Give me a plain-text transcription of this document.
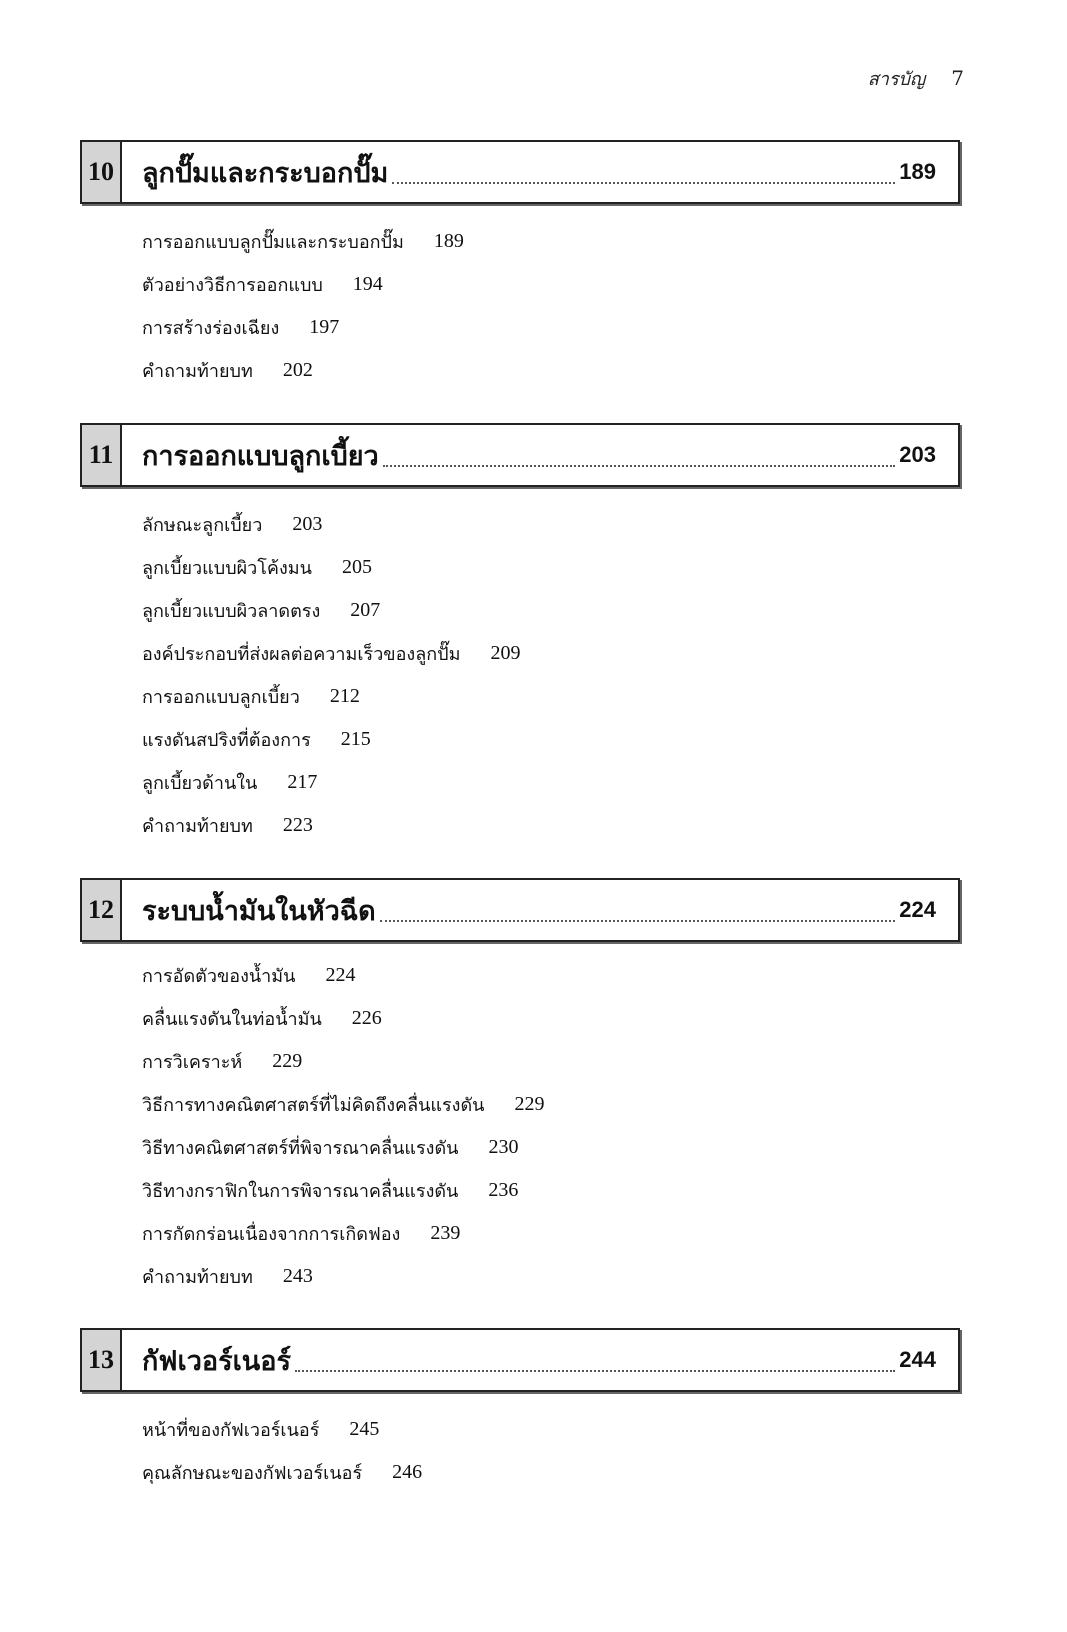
สารบัญ 7
10 ลูกปั๊มและกระบอกปั๊ม	189
การออกแบบลูกปั๊มและกระบอกปั๊ม 189
ตัวอย่างวิธีการออกแบบ 194
การสร้างร่องเฉียง 197
คำถามท้ายบท 202
11	การออกแบบลูกเบี้ยว	203
ลักษณะลูกเบี้ยว 203
ลูกเบี้ยวแบบผิวโค้งมน 205
ลูกเบี้ยวแบบผิวลาดตรง 207
องค์ประกอบที่ส่งผลต่อความเร็วของลูกปั๊ม 209
การออกแบบลูกเบี้ยว 212
แรงดันสปริงที่ต้องการ 215
ลูกเบี้ยวด้านใน 217
คำถามท้ายบท 223
12 ระบบน้ำมันในหัวฉีด	224
การอัดตัวของน้ำมัน 224
คลื่นแรงดันในท่อน้ำมัน 226
การวิเคราะห์ 229
วิธีการทางคณิตศาสตร์ที่ไม่คิดถึงคลื่นแรงดัน 229
วิธีทางคณิตศาสตร์ที่พิจารณาคลื่นแรงดัน 230
วิธีทางกราฟิกในการพิจารณาคลื่นแรงดัน 236
การกัดกร่อนเนื่องจากการเกิดฟอง 239
คำถามท้ายบท 243
13 กัฟเวอร์เนอร์	244
หน้าที่ของกัฟเวอร์เนอร์ 245
คุณลักษณะของกัฟเวอร์เนอร์ 246
